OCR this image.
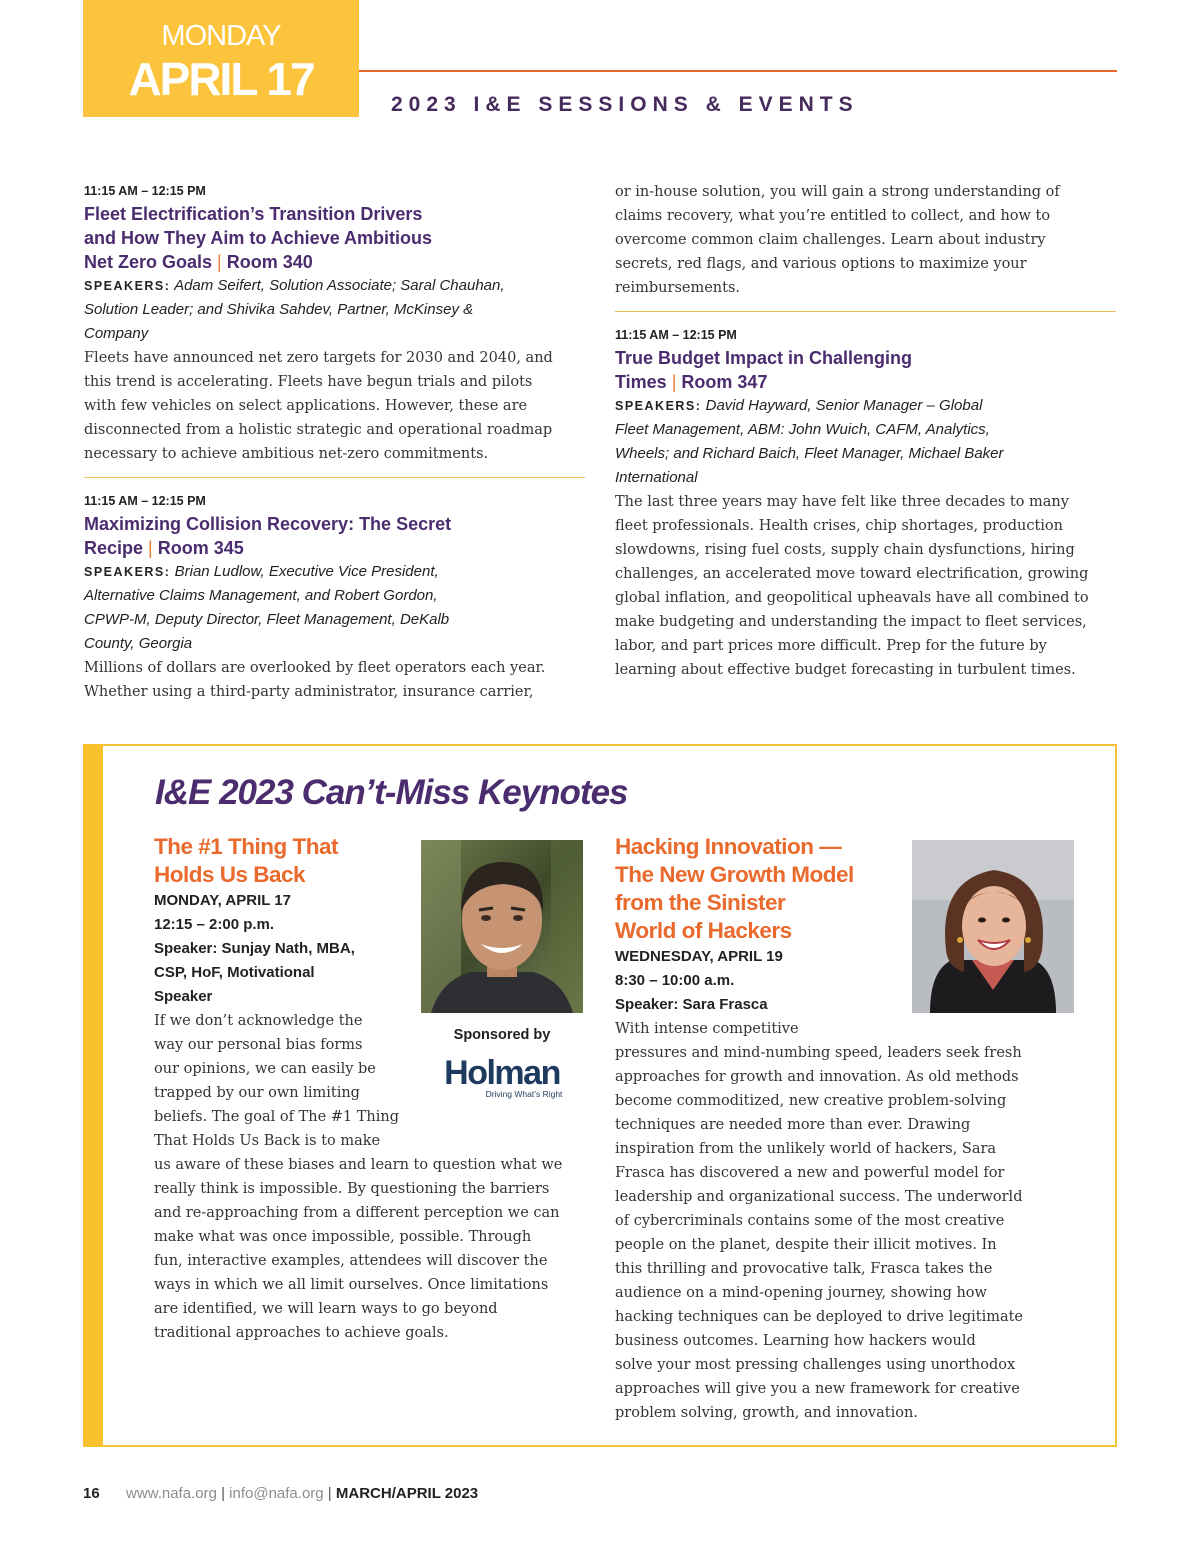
MONDAY
APRIL 17	2023 I&E SESSIONS & EVENTS
11:15 AM – 12:15 PM
Fleet Electrification’s Transition Drivers
and How They Aim to Achieve Ambitious
Net Zero Goals | Room 340
SPEAKERS: Adam Seifert, Solution Associate; Saral Chauhan,
Solution Leader; and Shivika Sahdev, Partner, McKinsey &
Company
Fleets have announced net zero targets for 2030 and 2040, and
this trend is accelerating. Fleets have begun trials and pilots
with few vehicles on select applications. However, these are
disconnected from a holistic strategic and operational roadmap
necessary to achieve ambitious net-zero commitments.
11:15 AM – 12:15 PM
Maximizing Collision Recovery: The Secret
Recipe | Room 345
SPEAKERS: Brian Ludlow, Executive Vice President,
Alternative Claims Management, and Robert Gordon,
CPWP-M, Deputy Director, Fleet Management, DeKalb
County, Georgia
Millions of dollars are overlooked by fleet operators each year.
Whether using a third-party administrator, insurance carrier,
or in-house solution, you will gain a strong understanding of
claims recovery, what you’re entitled to collect, and how to
overcome common claim challenges. Learn about industry
secrets, red flags, and various options to maximize your
reimbursements.
11:15 AM – 12:15 PM
True Budget Impact in Challenging
Times | Room 347
SPEAKERS: David Hayward, Senior Manager – Global
Fleet Management, ABM: John Wuich, CAFM, Analytics,
Wheels; and Richard Baich, Fleet Manager, Michael Baker
International
The last three years may have felt like three decades to many
fleet professionals. Health crises, chip shortages, production
slowdowns, rising fuel costs, supply chain dysfunctions, hiring
challenges, an accelerated move toward electrification, growing
global inflation, and geopolitical upheavals have all combined to
make budgeting and understanding the impact to fleet services,
labor, and part prices more difficult. Prep for the future by
learning about effective budget forecasting in turbulent times.
I&E 2023 Can’t-Miss Keynotes
The #1 Thing That
Holds Us Back
MONDAY, APRIL 17
12:15 – 2:00 p.m.
Speaker: Sunjay Nath, MBA,
CSP, HoF, Motivational
Speaker
If we don’t acknowledge the
way our personal bias forms
our opinions, we can easily be
trapped by our own limiting
beliefs. The goal of The #1 Thing
That Holds Us Back is to make
us aware of these biases and learn to question what we
really think is impossible. By questioning the barriers
and re-approaching from a different perception we can
make what was once impossible, possible. Through
fun, interactive examples, attendees will discover the
ways in which we all limit ourselves. Once limitations
are identified, we will learn ways to go beyond
traditional approaches to achieve goals.
Sponsored by
Holman
Driving What’s Right
Hacking Innovation —
The New Growth Model
from the Sinister
World of Hackers
WEDNESDAY, APRIL 19
8:30 – 10:00 a.m.
Speaker: Sara Frasca
With intense competitive
pressures and mind-numbing speed, leaders seek fresh
approaches for growth and innovation. As old methods
become commoditized, new creative problem-solving
techniques are needed more than ever. Drawing
inspiration from the unlikely world of hackers, Sara
Frasca has discovered a new and powerful model for
leadership and organizational success. The underworld
of cybercriminals contains some of the most creative
people on the planet, despite their illicit motives. In
this thrilling and provocative talk, Frasca takes the
audience on a mind-opening journey, showing how
hacking techniques can be deployed to drive legitimate
business outcomes. Learning how hackers would
solve your most pressing challenges using unorthodox
approaches will give you a new framework for creative
problem solving, growth, and innovation.
16 www.nafa.org | info@nafa.org | MARCH/APRIL 2023
